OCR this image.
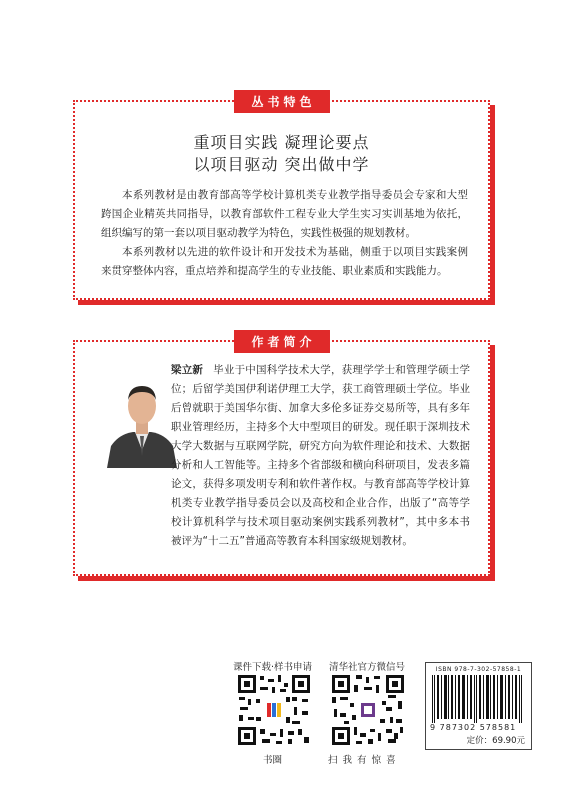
丛书特色
重项目实践 凝理论要点
以项目驱动 突出做中学

本系列教材是由教育部高等学校计算机类专业教学指导委员会专家和大型跨国企业精英共同指导，以教育部软件工程专业大学生实习实训基地为依托，组织编写的第一套以项目驱动教学为特色，实践性极强的规划教材。

本系列教材以先进的软件设计和开发技术为基础，侧重于以项目实践案例来贯穿整体内容，重点培养和提高学生的专业技能、职业素质和实践能力。

作者简介

梁立新 毕业于中国科学技术大学，获理学学士和管理学硕士学位；后留学美国伊利诺伊理工大学，获工商管理硕士学位。毕业后曾就职于美国华尔街、加拿大多伦多证券交易所等，具有多年职业管理经历，主持多个大中型项目的研发。现任职于深圳技术大学大数据与互联网学院，研究方向为软件理论和技术、大数据分析和人工智能等。主持多个省部级和横向科研项目，发表多篇论文，获得多项发明专利和软件著作权。与教育部高等学校计算机类专业教学指导委员会以及高校和企业合作，出版了“高等学校计算机科学与技术项目驱动案例实践系列教材”，其中多本书被评为“十二五”普通高等教育本科国家级规划教材。

课件下载·样书申请
书圈
清华社官方微信号
扫 我 有 惊 喜
ISBN 978-7-302-57858-1
9 787302 578581
定价：69.90元
